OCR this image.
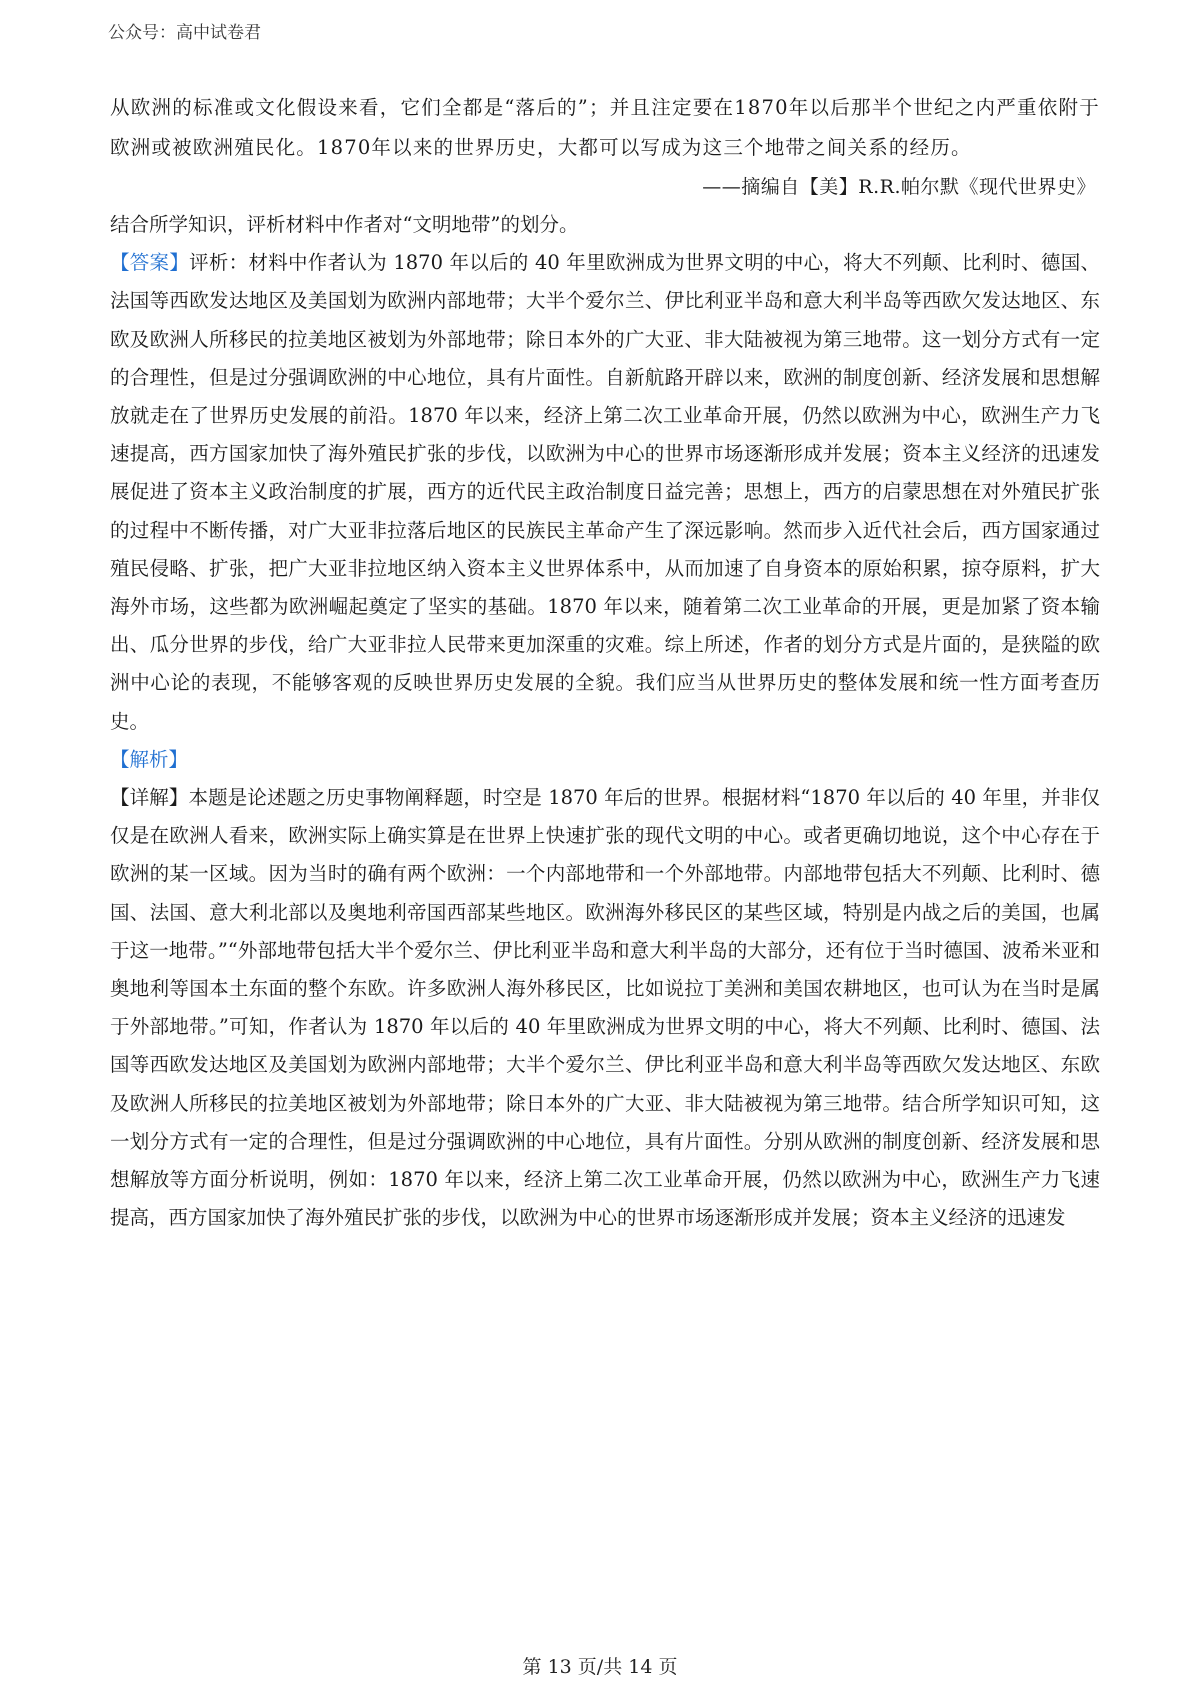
公众号：高中试卷君

从欧洲的标准或文化假设来看，它们全都是“落后的”；并且注定要在1870年以后那半个世纪之内严重依附于欧洲或被欧洲殖民化。1870年以来的世界历史，大都可以写成为这三个地带之间关系的经历。

——摘编自【美】R.R.帕尔默《现代世界史》

结合所学知识，评析材料中作者对“文明地带”的划分。

【答案】评析：材料中作者认为 1870 年以后的 40 年里欧洲成为世界文明的中心，将大不列颠、比利时、德国、法国等西欧发达地区及美国划为欧洲内部地带；大半个爱尔兰、伊比利亚半岛和意大利半岛等西欧欠发达地区、东欧及欧洲人所移民的拉美地区被划为外部地带；除日本外的广大亚、非大陆被视为第三地带。这一划分方式有一定的合理性，但是过分强调欧洲的中心地位，具有片面性。自新航路开辟以来，欧洲的制度创新、经济发展和思想解放就走在了世界历史发展的前沿。1870 年以来，经济上第二次工业革命开展，仍然以欧洲为中心，欧洲生产力飞速提高，西方国家加快了海外殖民扩张的步伐，以欧洲为中心的世界市场逐渐形成并发展；资本主义经济的迅速发展促进了资本主义政治制度的扩展，西方的近代民主政治制度日益完善；思想上，西方的启蒙思想在对外殖民扩张的过程中不断传播，对广大亚非拉落后地区的民族民主革命产生了深远影响。然而步入近代社会后，西方国家通过殖民侵略、扩张，把广大亚非拉地区纳入资本主义世界体系中，从而加速了自身资本的原始积累，掠夺原料，扩大海外市场，这些都为欧洲崛起奠定了坚实的基础。1870 年以来，随着第二次工业革命的开展，更是加紧了资本输出、瓜分世界的步伐，给广大亚非拉人民带来更加深重的灾难。综上所述，作者的划分方式是片面的，是狭隘的欧洲中心论的表现，不能够客观的反映世界历史发展的全貌。我们应当从世界历史的整体发展和统一性方面考查历史。

【解析】

【详解】本题是论述题之历史事物阐释题，时空是 1870 年后的世界。根据材料“1870 年以后的 40 年里，并非仅仅是在欧洲人看来，欧洲实际上确实算是在世界上快速扩张的现代文明的中心。或者更确切地说，这个中心存在于欧洲的某一区域。因为当时的确有两个欧洲：一个内部地带和一个外部地带。内部地带包括大不列颠、比利时、德国、法国、意大利北部以及奥地利帝国西部某些地区。欧洲海外移民区的某些区域，特别是内战之后的美国，也属于这一地带。”“外部地带包括大半个爱尔兰、伊比利亚半岛和意大利半岛的大部分，还有位于当时德国、波希米亚和奥地利等国本土东面的整个东欧。许多欧洲人海外移民区，比如说拉丁美洲和美国农耕地区，也可认为在当时是属于外部地带。”可知，作者认为 1870 年以后的 40 年里欧洲成为世界文明的中心，将大不列颠、比利时、德国、法国等西欧发达地区及美国划为欧洲内部地带；大半个爱尔兰、伊比利亚半岛和意大利半岛等西欧欠发达地区、东欧及欧洲人所移民的拉美地区被划为外部地带；除日本外的广大亚、非大陆被视为第三地带。结合所学知识可知，这一划分方式有一定的合理性，但是过分强调欧洲的中心地位，具有片面性。分别从欧洲的制度创新、经济发展和思想解放等方面分析说明，例如：1870 年以来，经济上第二次工业革命开展，仍然以欧洲为中心，欧洲生产力飞速提高，西方国家加快了海外殖民扩张的步伐，以欧洲为中心的世界市场逐渐形成并发展；资本主义经济的迅速发

第 13 页/共 14 页
